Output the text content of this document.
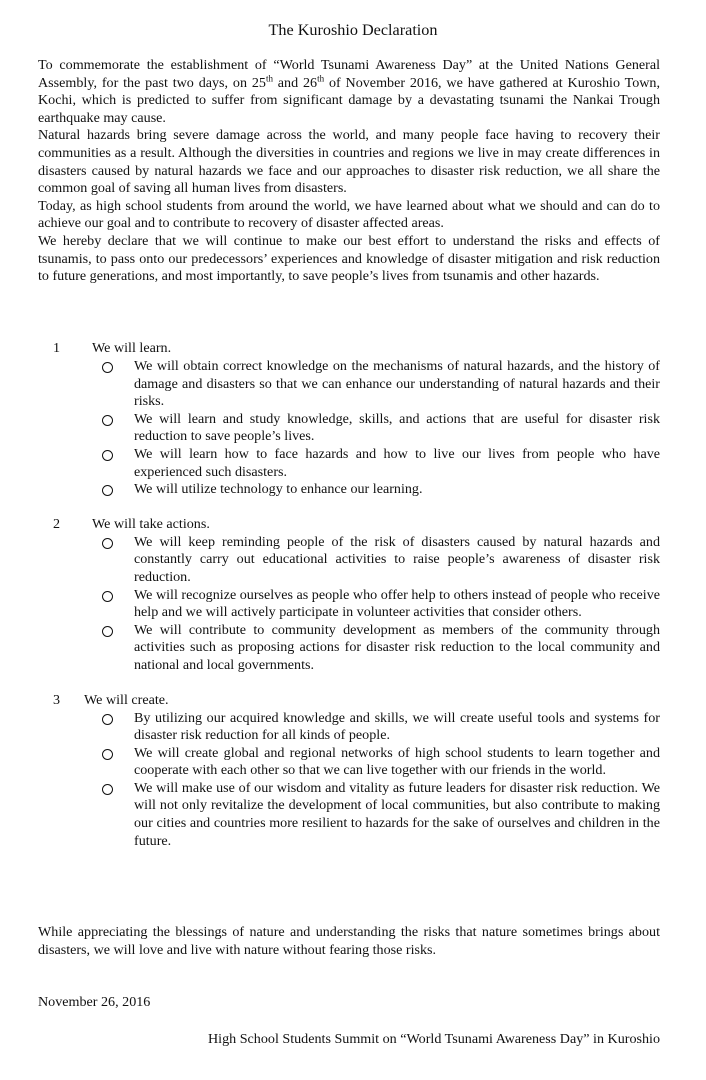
The Kuroshio Declaration

To commemorate the establishment of “World Tsunami Awareness Day” at the United Nations General Assembly, for the past two days, on 25th and 26th of November 2016, we have gathered at Kuroshio Town, Kochi, which is predicted to suffer from significant damage by a devastating tsunami the Nankai Trough earthquake may cause.

Natural hazards bring severe damage across the world, and many people face having to recovery their communities as a result. Although the diversities in countries and regions we live in may create differences in disasters caused by natural hazards we face and our approaches to disaster risk reduction, we all share the common goal of saving all human lives from disasters.

Today, as high school students from around the world, we have learned about what we should and can do to achieve our goal and to contribute to recovery of disaster affected areas.

We hereby declare that we will continue to make our best effort to understand the risks and effects of tsunamis, to pass onto our predecessors’ experiences and knowledge of disaster mitigation and risk reduction to future generations, and most importantly, to save people’s lives from tsunamis and other hazards.

1 We will learn.
We will obtain correct knowledge on the mechanisms of natural hazards, and the history of damage and disasters so that we can enhance our understanding of natural hazards and their risks.
We will learn and study knowledge, skills, and actions that are useful for disaster risk reduction to save people’s lives.
We will learn how to face hazards and how to live our lives from people who have experienced such disasters.
We will utilize technology to enhance our learning.
2 We will take actions.
We will keep reminding people of the risk of disasters caused by natural hazards and constantly carry out educational activities to raise people’s awareness of disaster risk reduction.
We will recognize ourselves as people who offer help to others instead of people who receive help and we will actively participate in volunteer activities that consider others.
We will contribute to community development as members of the community through activities such as proposing actions for disaster risk reduction to the local community and national and local governments.
3 We will create.
By utilizing our acquired knowledge and skills, we will create useful tools and systems for disaster risk reduction for all kinds of people.
We will create global and regional networks of high school students to learn together and cooperate with each other so that we can live together with our friends in the world.
We will make use of our wisdom and vitality as future leaders for disaster risk reduction. We will not only revitalize the development of local communities, but also contribute to making our cities and countries more resilient to hazards for the sake of ourselves and children in the future.

While appreciating the blessings of nature and understanding the risks that nature sometimes brings about disasters, we will love and live with nature without fearing those risks.

November 26, 2016
High School Students Summit on “World Tsunami Awareness Day” in Kuroshio
